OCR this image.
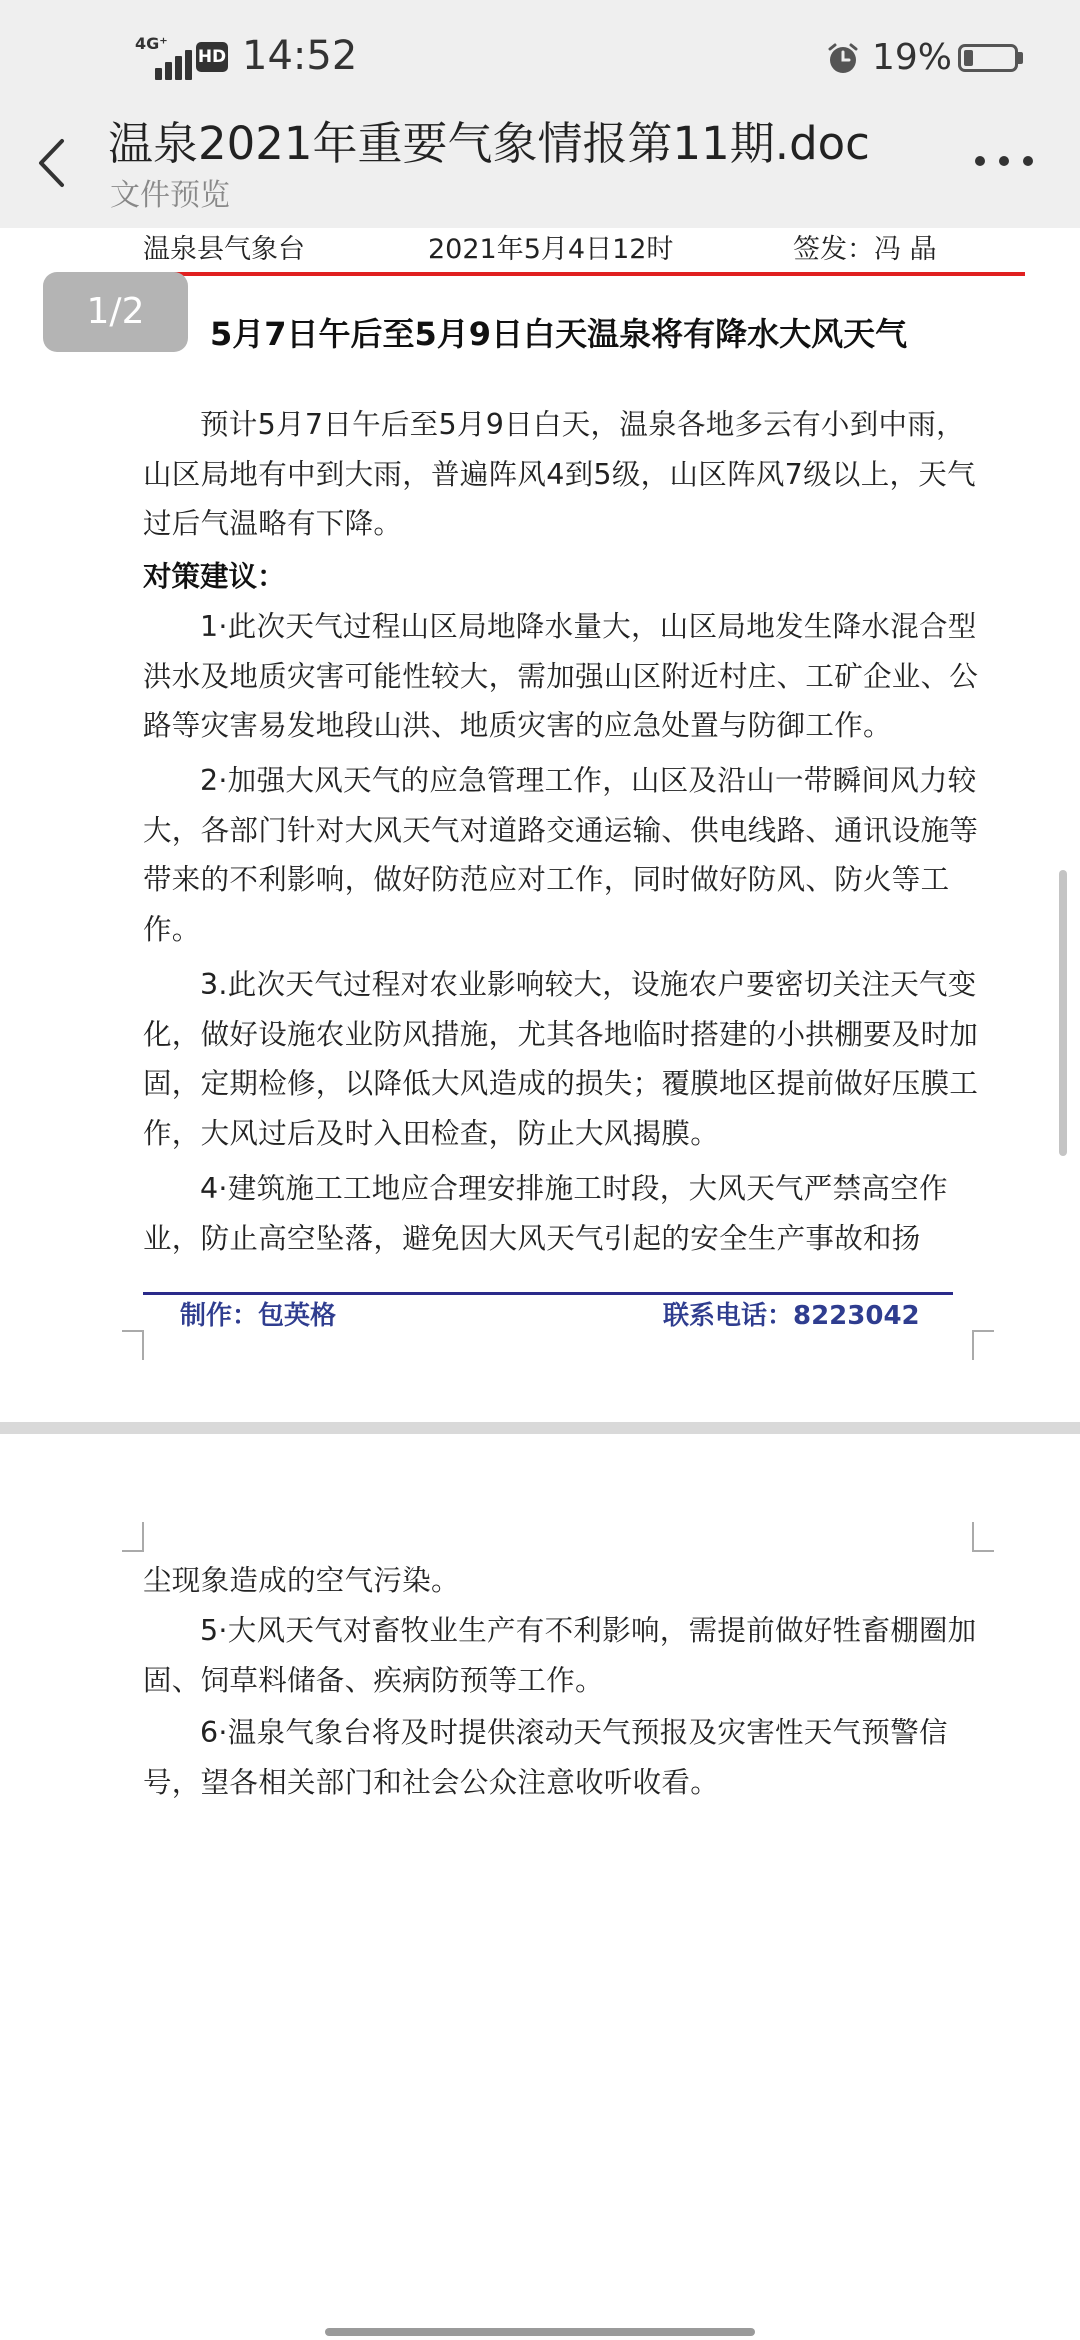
4G⁺
HD 14:52	19%
温泉2021年重要气象情报第11期.doc
文件预览
温泉县气象台	2021年5月4日12时	签发：冯 晶
5月7日午后至5月9日白天温泉将有降水大风天气
1/2
预计5月7日午后至5月9日白天，温泉各地多云有小到中雨，山区局地有中到大雨，普遍阵风4到5级，山区阵风7级以上，天气过后气温略有下降。
对策建议：
1·此次天气过程山区局地降水量大，山区局地发生降水混合型洪水及地质灾害可能性较大，需加强山区附近村庄、工矿企业、公路等灾害易发地段山洪、地质灾害的应急处置与防御工作。
2·加强大风天气的应急管理工作，山区及沿山一带瞬间风力较大，各部门针对大风天气对道路交通运输、供电线路、通讯设施等带来的不利影响，做好防范应对工作，同时做好防风、防火等工作。
3.此次天气过程对农业影响较大，设施农户要密切关注天气变化，做好设施农业防风措施，尤其各地临时搭建的小拱棚要及时加固，定期检修，以降低大风造成的损失；覆膜地区提前做好压膜工作，大风过后及时入田检查，防止大风揭膜。
4·建筑施工工地应合理安排施工时段，大风天气严禁高空作业，防止高空坠落，避免因大风天气引起的安全生产事故和扬
制作：包英格	联系电话：8223042
尘现象造成的空气污染。
5·大风天气对畜牧业生产有不利影响，需提前做好牲畜棚圈加固、饲草料储备、疾病防预等工作。
6·温泉气象台将及时提供滚动天气预报及灾害性天气预警信号，望各相关部门和社会公众注意收听收看。
